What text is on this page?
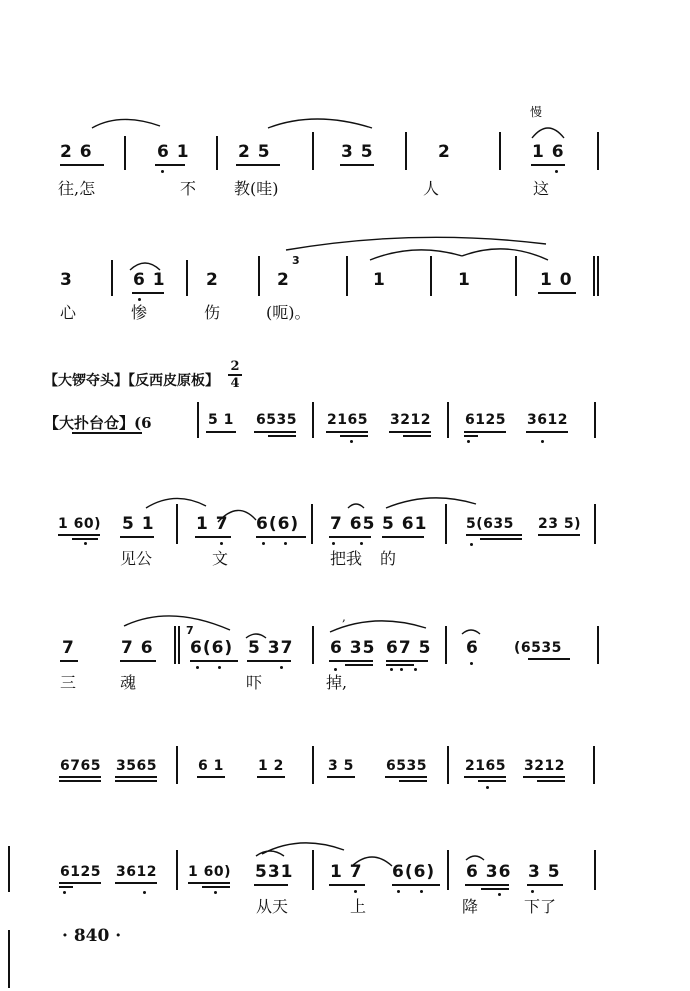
慢
2 6	6 1	2 5	3 5	2	1 6
往,怎	不 教(哇)	人	这
3	6 1 2	2
3
1	1	1 0
心	惨	伤	(呃)。
【大锣夺头】【反西皮原板】
2
4
【大扑台仓】(6	5 1 6535 2165 3212 6125 3612
1 60) 5 1 1 7 6(6) 7 65 5 61	5(635 23 5)
见公	文	把我 的
,
7	7 6
7
6(6) 5 37 6 35 67 5 6	(6535
三	魂	吓	掉,
6765 3565	6 1 1 2	3 5 6535	2165 3212
6125 3612 1 60) 531 1 7 6(6) 6 36 3 5
从天	上	降	下了
· 840 ·
